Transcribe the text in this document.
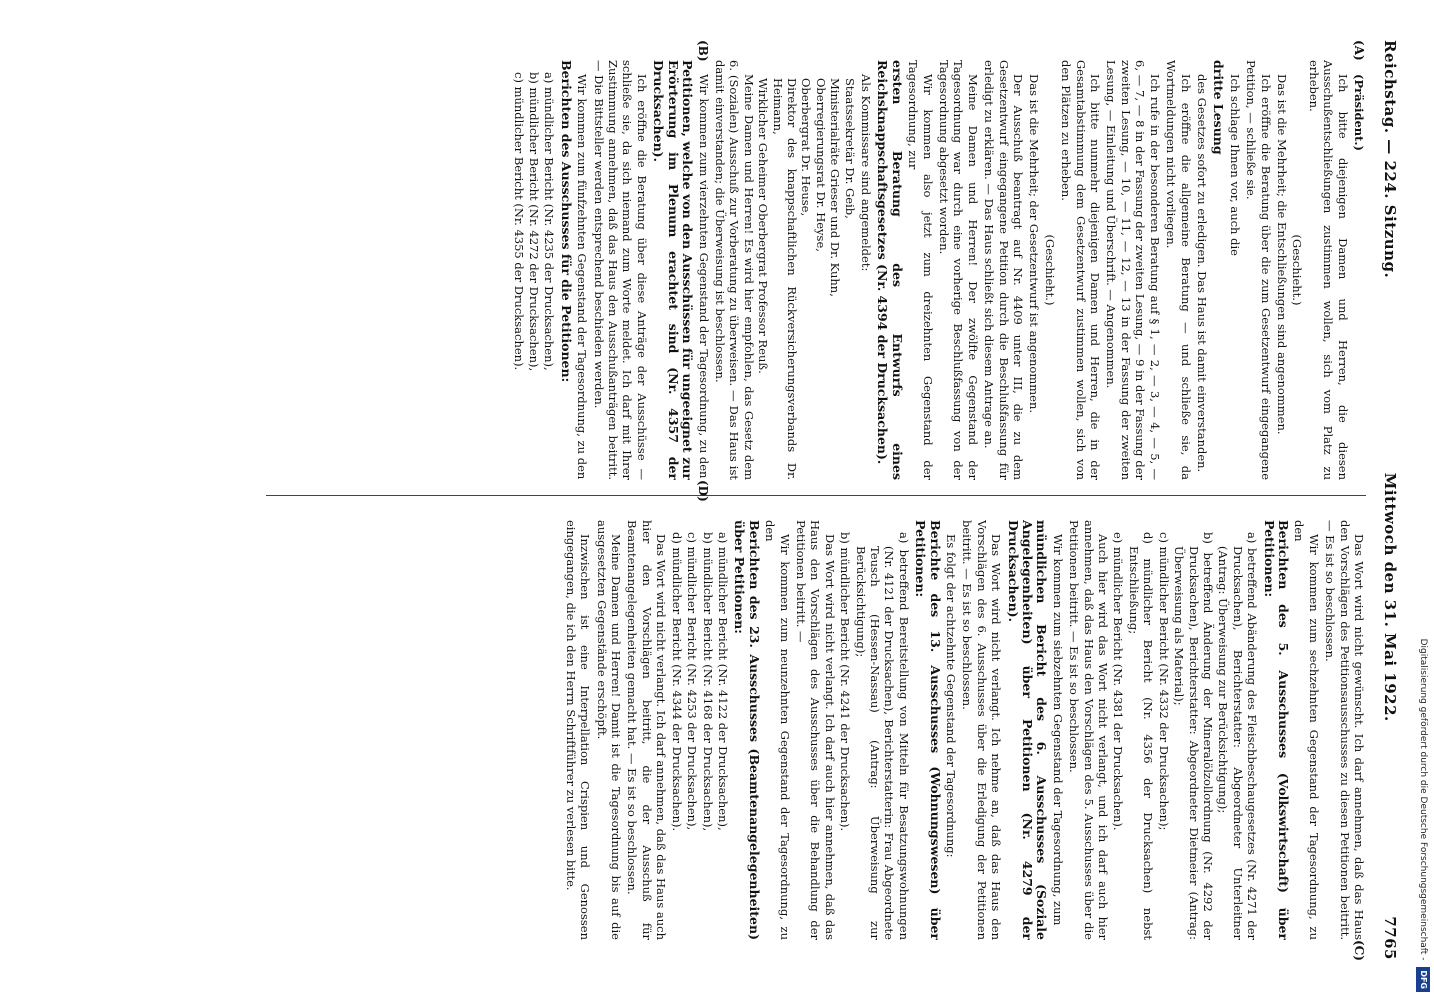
Reichstag. — 224. Sitzung.
Mittwoch den 31. Mai 1922.
7765
(Präsident.)
Ich bitte diejenigen Damen und Herren, die diesen Ausschußentschließungen zustimmen wollen, sich vom Platz zu erheben.
(Geschieht.)
Das ist die Mehrheit; die Entschließungen sind angenommen.
Ich eröffne die Beratung über die zum Gesetzentwurf eingegangene Petition, — schließe sie.
Ich schlage Ihnen vor, auch die
dritte Lesung
des Gesetzes sofort zu erledigen. Das Haus ist damit einverstanden.
Ich eröffne die allgemeine Beratung — und schließe sie, da Wortmeldungen nicht vorliegen.
Ich rufe in der besonderen Beratung auf § 1, — 2, — 3, — 4, — 5, — 6, — 7, — 8 in der Fassung der zweiten Lesung, — 9 in der Fassung der zweiten Lesung, — 10, — 11, — 12, — 13 in der Fassung der zweiten Lesung, — Einleitung und Überschrift. — Angenommen.
Ich bitte nunmehr diejenigen Damen und Herren, die in der Gesamtabstimmung dem Gesetzentwurf zustimmen wollen, sich von den Plätzen zu erheben.
(Geschieht.)
Das ist die Mehrheit; der Gesetzentwurf ist angenommen.
Der Ausschuß beantragt auf Nr. 4409 unter III, die zu dem Gesetzentwurf eingegangene Petition durch die Beschlußfassung für erledigt zu erklären. — Das Haus schließt sich diesem Antrage an.
Meine Damen und Herren! Der zwölfte Gegenstand der Tagesordnung war durch eine vorherige Beschlußfassung von der Tagesordnung abgesetzt worden.
Wir kommen also jetzt zum dreizehnten Gegenstand der Tagesordnung, zur
ersten Beratung des Entwurfs eines Reichsknappschaftsgesetzes (Nr. 4394 der Drucksachen).
Als Kommissare sind angemeldet:
Staatssekretär Dr. Geib,
Ministerialräte Grieser und Dr. Kuhn,
Oberregierungsrat Dr. Heyse,
Oberbergrat Dr. Heuse,
Direktor des knappschaftlichen Rückversicherungsverbands Dr. Heimann,
Wirklicher Geheimer Oberbergrat Professor Reuß.
Meine Damen und Herren! Es wird hier empfohlen, das Gesetz dem 6. (Sozialen) Ausschuß zur Vorberatung zu überweisen. — Das Haus ist damit einverstanden; die Überweisung ist beschlossen.
Wir kommen zum vierzehnten Gegenstand der Tagesordnung, zu den
Petitionen, welche von den Ausschüssen für ungeeignet zur Erörterung im Plenum erachtet sind (Nr. 4357 der Drucksachen).
Ich eröffne die Beratung über diese Anträge der Ausschüsse — schließe sie, da sich niemand zum Worte meldet. Ich darf mit Ihrer Zustimmung annehmen, daß das Haus den Ausschußanträgen beitritt. — Die Bittsteller werden entsprechend beschieden werden.
Wir kommen zum fünfzehnten Gegenstand der Tagesordnung, zu den
Berichten des Ausschusses für die Petitionen:
a) mündlicher Bericht (Nr. 4235 der Drucksachen),
b) mündlicher Bericht (Nr. 4272 der Drucksachen),
c) mündlicher Bericht (Nr. 4355 der Drucksachen).
Das Wort wird nicht gewünscht. Ich darf annehmen, daß das Haus den Vorschlägen des Petitionsausschusses zu diesen Petitionen beitritt. — Es ist so beschlossen.
Wir kommen zum sechzehnten Gegenstand der Tagesordnung, zu den
Berichten des 5. Ausschusses (Volkswirtschaft) über Petitionen:
a) betreffend Abänderung des Fleischbeschaugesetzes (Nr. 4271 der Drucksachen), Berichterstatter: Abgeordneter Unterleitner (Antrag: Überweisung zur Berücksichtigung);
b) betreffend Änderung der Mineralölzollordnung (Nr. 4292 der Drucksachen), Berichterstatter: Abgeordneter Dietmeier (Antrag: Überweisung als Material);
c) mündlicher Bericht (Nr. 4332 der Drucksachen);
d) mündlicher Bericht (Nr. 4356 der Drucksachen) nebst Entschließung;
e) mündlicher Bericht (Nr. 4381 der Drucksachen).
Auch hier wird das Wort nicht verlangt, und ich darf auch hier annehmen, daß das Haus den Vorschlägen des 5. Ausschusses über die Petitionen beitritt. — Es ist so beschlossen.
Wir kommen zum siebzehnten Gegenstand der Tagesordnung, zum
mündlichen Bericht des 6. Ausschusses (Soziale Angelegenheiten) über Petitionen (Nr. 4279 der Drucksachen).
Das Wort wird nicht verlangt. Ich nehme an, daß das Haus den Vorschlägen des 6. Ausschusses über die Erledigung der Petitionen beitritt. — Es ist so beschlossen.
Es folgt der achtzehnte Gegenstand der Tagesordnung:
Berichte des 13. Ausschusses (Wohnungswesen) über Petitionen:
a) betreffend Bereitstellung von Mitteln für Besatzungswohnungen (Nr. 4121 der Drucksachen), Berichterstatterin: Frau Abgeordnete Teusch (Hessen-Nassau) (Antrag: Überweisung zur Berücksichtigung);
b) mündlicher Bericht (Nr. 4241 der Drucksachen).
Das Wort wird nicht verlangt. Ich darf auch hier annehmen, daß das Haus den Vorschlägen des Ausschusses über die Behandlung der Petitionen beitritt. —
Wir kommen zum neunzehnten Gegenstand der Tagesordnung, zu den
Berichten des 23. Ausschusses (Beamtenangelegenheiten) über Petitionen:
a) mündlicher Bericht (Nr. 4122 der Drucksachen),
b) mündlicher Bericht (Nr. 4168 der Drucksachen),
c) mündlicher Bericht (Nr. 4253 der Drucksachen),
d) mündlicher Bericht (Nr. 4344 der Drucksachen).
Das Wort wird nicht verlangt. Ich darf annehmen, daß das Haus auch hier den Vorschlägen beitritt, die der Ausschuß für Beamtenangelegenheiten gemacht hat. — Es ist so beschlossen.
Meine Damen und Herren! Damit ist die Tagesordnung bis auf die ausgesetzten Gegenstände erschöpft.
Inzwischen ist eine Interpellation Crispien und Genossen eingegangen, die ich den Herrn Schriftführer zu verlesen bitte.
(A)
(B)
(C)
(D)
Digitalisierung gefördert durch die Deutsche Forschungsgemeinschaft - DFG
